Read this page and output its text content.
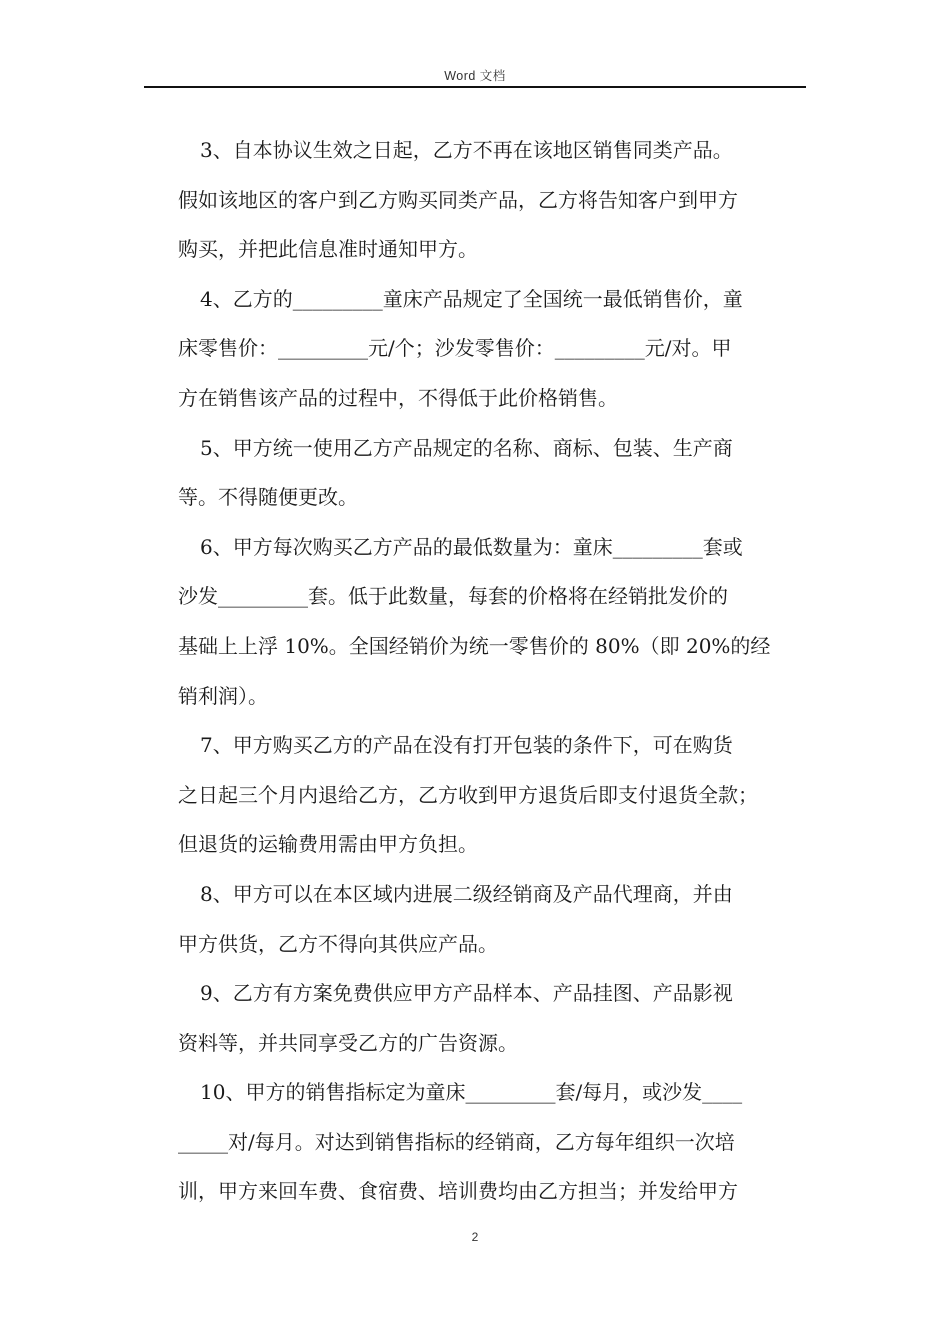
Word 文档
3、自本协议生效之日起，乙方不再在该地区销售同类产品。
假如该地区的客户到乙方购买同类产品，乙方将告知客户到甲方
购买，并把此信息准时通知甲方。
4、乙方的_________童床产品规定了全国统一最低销售价，童
床零售价：_________元/个；沙发零售价：_________元/对。甲
方在销售该产品的过程中，不得低于此价格销售。
5、甲方统一使用乙方产品规定的名称、商标、包装、生产商
等。不得随便更改。
6、甲方每次购买乙方产品的最低数量为：童床_________套或
沙发_________套。低于此数量，每套的价格将在经销批发价的
基础上上浮 10%。全国经销价为统一零售价的 80%（即 20%的经
销利润）。
7、甲方购买乙方的产品在没有打开包装的条件下，可在购货
之日起三个月内退给乙方，乙方收到甲方退货后即支付退货全款；
但退货的运输费用需由甲方负担。
8、甲方可以在本区域内进展二级经销商及产品代理商，并由
甲方供货，乙方不得向其供应产品。
9、乙方有方案免费供应甲方产品样本、产品挂图、产品影视
资料等，并共同享受乙方的广告资源。
10、甲方的销售指标定为童床_________套/每月，或沙发____
_____对/每月。对达到销售指标的经销商，乙方每年组织一次培
训，甲方来回车费、食宿费、培训费均由乙方担当；并发给甲方
2
